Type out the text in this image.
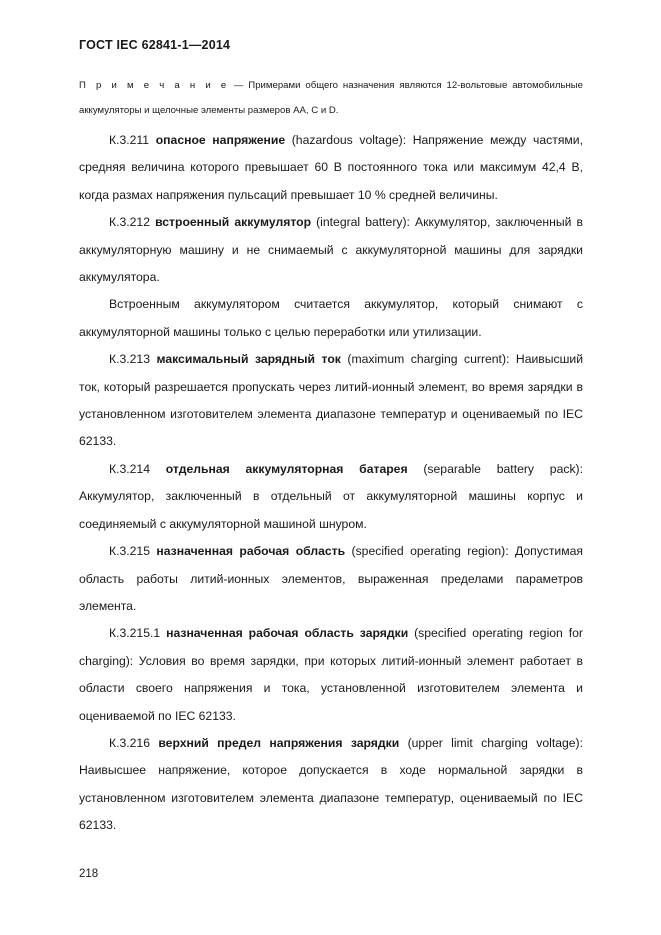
ГОСТ IEC 62841-1—2014
П р и м е ч а н и е — Примерами общего назначения являются 12-вольтовые автомобильные аккумуляторы и щелочные элементы размеров АА, С и D.

К.3.211 опасное напряжение (hazardous voltage): Напряжение между частями, средняя величина которого превышает 60 В постоянного тока или максимум 42,4 В, когда размах напряжения пульсаций превышает 10 % средней величины.

К.3.212 встроенный аккумулятор (integral battery): Аккумулятор, заключенный в аккумуляторную машину и не снимаемый с аккумуляторной машины для зарядки аккумулятора.

Встроенным аккумулятором считается аккумулятор, который снимают с аккумуляторной машины только с целью переработки или утилизации.

К.3.213 максимальный зарядный ток (maximum charging current): Наивысший ток, который разрешается пропускать через литий-ионный элемент, во время зарядки в установленном изготовителем элемента диапазоне температур и оцениваемый по IEC 62133.

К.3.214 отдельная аккумуляторная батарея (separable battery pack): Аккумулятор, заключенный в отдельный от аккумуляторной машины корпус и соединяемый с аккумуляторной машиной шнуром.

К.3.215 назначенная рабочая область (specified operating region): Допустимая область работы литий-ионных элементов, выраженная пределами параметров элемента.

К.3.215.1 назначенная рабочая область зарядки (specified operating region for charging): Условия во время зарядки, при которых литий-ионный элемент работает в области своего напряжения и тока, установленной изготовителем элемента и оцениваемой по IEC 62133.

К.3.216 верхний предел напряжения зарядки (upper limit charging voltage): Наивысшее напряжение, которое допускается в ходе нормальной зарядки в установленном изготовителем элемента диапазоне температур, оцениваемый по IEC 62133.

218
